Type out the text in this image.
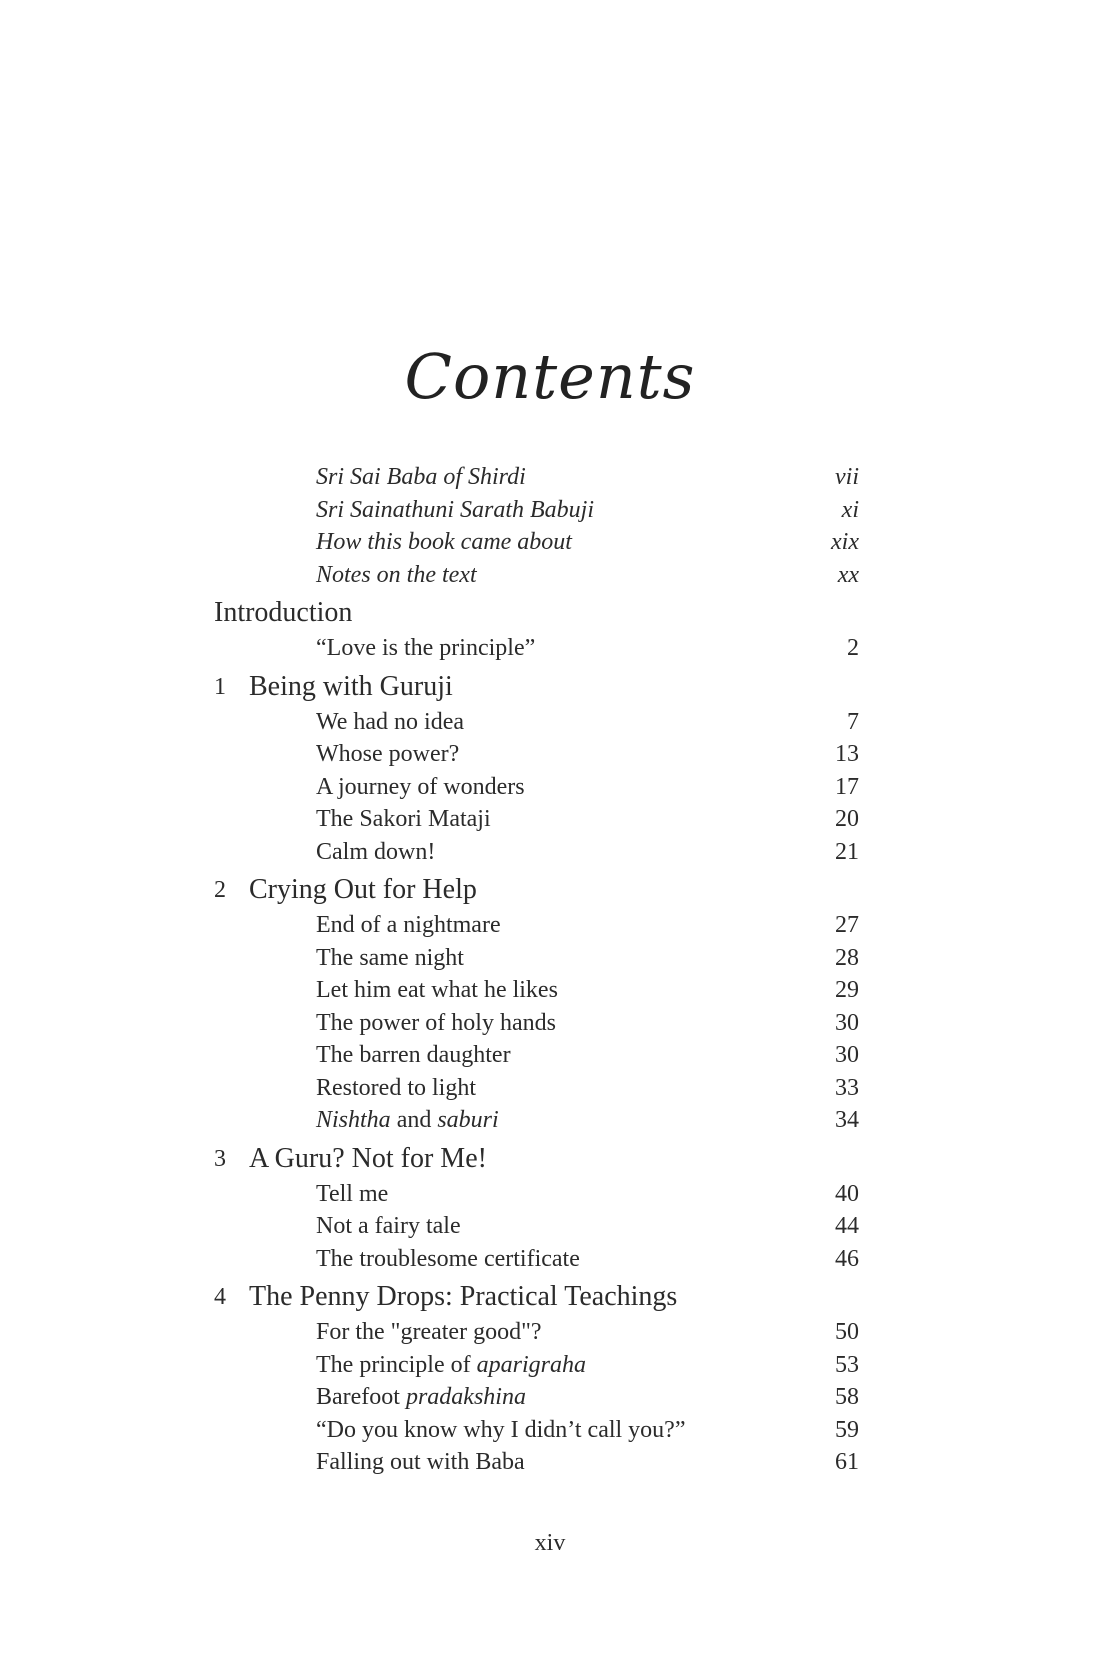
Contents
Sri Sai Baba of Shirdi	vii
Sri Sainathuni Sarath Babuji	xi
How this book came about	xix
Notes on the text	xx
Introduction
“Love is the principle”	2
1 Being with Guruji
We had no idea	7
Whose power?	13
A journey of wonders	17
The Sakori Mataji	20
Calm down!	21
2 Crying Out for Help
End of a nightmare	27
The same night	28
Let him eat what he likes	29
The power of holy hands	30
The barren daughter	30
Restored to light	33
Nishtha and saburi	34
3 A Guru? Not for Me!
Tell me	40
Not a fairy tale	44
The troublesome certificate	46
4 The Penny Drops: Practical Teachings
For the "greater good"?	50
The principle of aparigraha	53
Barefoot pradakshina	58
“Do you know why I didn’t call you?”	59
Falling out with Baba	61
xiv
